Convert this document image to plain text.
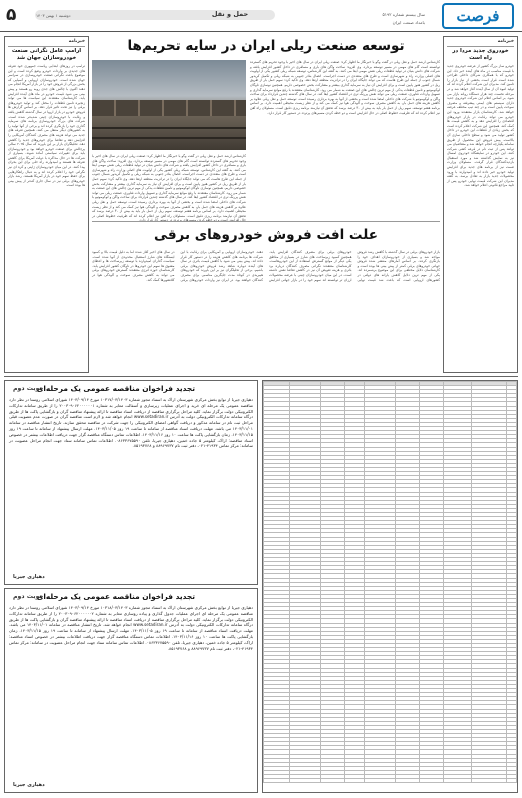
۵	حمل و نقل
دوشنبه ۱ بهمن ۱۴۰۳	سال بیستم شماره ۵۱۹۲
بامداد صنعت ایران	فرصت
خبرنامه
خودروی جدید مردا در راه است
خودرو ساز بزرگ کشور از عرضه خودروی جدید با قیمت مناسب در ماه های آینده خبر داد. این خودرو که با همکاری شرکای داخلی طراحی شده است قرار است بخشی از نیاز بازار را تامین کند. مدیران این شرکت اعلام کرده اند که تولید انبوه آن از سال آینده آغاز خواهد شد و در مرحله نخست چند هزار دستگاه روانه بازار می شود. بر اساس اعلام این شرکت خودروی جدید دارای سیستم های ایمنی پیشرفته و مصرف سوخت پایین است و در چند تیپ مختلف عرضه خواهد شد. کارشناسان بازار معتقدند ورود این خودرو می تواند رقابت در بازار خودروهای اقتصادی را افزایش دهد و به کاهش قیمت ها کمک کند. همچنین این شرکت اعلام کرده است که بخش زیادی از قطعات این خودرو در داخل کشور تولید می شود و سطح داخلی سازی آن بالاست. پیش فروش این محصول از طریق سامانه یکپارچه انجام خواهد شد و متقاضیان می توانند پس از ثبت نام در قرعه کشی شرکت کنند. این خودرو در نمایشگاه خودروی امسال نیز به نمایش گذاشته شد و مورد استقبال بازدیدکنندگان قرار گرفت. مسئولان وزارت صمت نیز از برنامه های جدید برای افزایش تولید خودرو خبر داده اند و امیدوارند با ورود محصولات جدید بازار به تعادل برسد. به گفته مدیران این شرکت قیمت نهایی خودرو پس از تایید مراجع قانونی اعلام خواهد شد.
خبرنامه
ارامپ عامل نگرانی صنعت خودروسازان جهان شد
ترامپ در روزهای ابتدایی ریاست جمهوری خود تعرفه های جدیدی بر واردات خودرو وضع کرده است و این موضوع باعث نگرانی صنعت خودروسازی در سراسر جهان شده است. خودروسازان اروپایی و آسیایی که بخش بزرگی از فروش خود را در بازار آمریکا انجام می دهند اکنون با چالش های جدی روبه رو هستند و پیش بینی می شود قیمت خودرو در ماه های آینده افزایش یابد. کارشناسان معتقدند این سیاست ها می تواند زنجیره تامین قطعات را مختل کند و تولید خودروهای برقی را نیز تحت تاثیر قرار دهد. بر اساس گزارش ها فروش خودرو در بازار اروپا در سال گذشته کاهش یافته و رقابت با خودروسازان چینی شدیدتر شده است. شرکت های بزرگ خودروسازی برنامه های سرمایه گذاری خود را بازنگری کرده اند و برخی از آنها تولید را به کشورهای دیگر منتقل می کنند. همچنین تعرفه های جدید می تواند هزینه های مصرف کنندگان آمریکایی را افزایش دهد و تقاضا برای خودروهای جدید را کاهش دهد. تحلیلگران بازار بر این باورند که سال ۲۰۲۵ سالی پرچالش برای صنعت خودرو خواهد بود و خودروسازان باید برای تغییرات سیاستی آماده شوند. بسیاری از شرکت ها در حال مذاکره با دولت آمریکا برای کاهش تعرفه ها هستند و امیدوارند راه حلی برای این بحران پیدا کنند. در این میان خودروسازان ژاپنی و کره ای نیز نگرانی خود را اعلام کرده اند و به دنبال راهکارهایی برای حفظ سهم خود در بازار آمریکا هستند. رشد بازار خودروهای برقی نیز در سال جاری کندتر از پیش بینی ها بوده است.
توسعه صنعت ریلی ایران در سایه تحریم‌ها
کارشناس ارشد حمل و نقل ریلی در گفت وگو با خبرنگار ما اظهار کرد: صنعت ریلی ایران در سال های اخیر با وجود تحریم های گسترده توانسته است گام های مهمی در مسیر توسعه بردارد. وی افزود: ساخت واگن های باری و مسافری در داخل کشور افزایش یافته و شرکت های دانش بنیان در تولید قطعات ریلی نقش مهمی ایفا می کنند. به گفته این کارشناس، توسعه شبکه ریلی کشور یکی از اولویت های اصلی وزارت راه و شهرسازی است و طرح های متعددی در دست اجراست. اتصال بنادر جنوبی به شبکه ریلی و تکمیل کریدور شمال جنوب از جمله این طرح هاست که می تواند جایگاه ایران را در ترانزیت منطقه ارتقا دهد. وی تاکید کرد: سهم حمل بار از طریق ریل در کشور هنوز پایین است و برای افزایش آن نیاز به سرمایه گذاری بیشتر و مشارکت بخش خصوصی داریم. همچنین نوسازی ناوگان لوکوموتیو و تامین قطعات یدکی از مهم ترین چالش های این صنعت به شمار می رود. کارشناسان معتقدند با رفع موانع سرمایه گذاری و تسهیل واردات فناوری، صنعت ریلی می تواند نقش پررنگ تری در اقتصاد کشور ایفا کند. در سال های گذشته چندین قرارداد برای ساخت واگن و لوکوموتیو با شرکت های داخلی امضا شده است و بخشی از آنها به بهره برداری رسیده است. توسعه حمل و نقل ریلی علاوه بر کاهش هزینه های حمل بار، به کاهش مصرف سوخت و آلودگی هوا نیز کمک می کند و از نظر زیست محیطی اهمیت دارد. بر اساس برنامه هفتم توسعه، سهم ریل از حمل بار باید به بیش از ۳۰ درصد برسد که تحقق آن نیازمند برنامه ریزی دقیق است. مسئولان راه آهن نیز اعلام کرده اند که ظرفیت خطوط اصلی در حال افزایش است و دو خطه کردن مسیرهای پرتردد در دستور کار قرار دارد.
کارشناس ارشد حمل و نقل ریلی در گفت وگو با خبرنگار ما اظهار کرد: صنعت ریلی ایران در سال های اخیر با وجود تحریم های گسترده توانسته است گام های مهمی در مسیر توسعه بردارد. وی افزود: ساخت واگن های باری و مسافری در داخل کشور افزایش یافته و شرکت های دانش بنیان در تولید قطعات ریلی نقش مهمی ایفا می کنند. به گفته این کارشناس، توسعه شبکه ریلی کشور یکی از اولویت های اصلی وزارت راه و شهرسازی است و طرح های متعددی در دست اجراست. اتصال بنادر جنوبی به شبکه ریلی و تکمیل کریدور شمال جنوب از جمله این طرح هاست که می تواند جایگاه ایران را در ترانزیت منطقه ارتقا دهد. وی تاکید کرد: سهم حمل بار از طریق ریل در کشور هنوز پایین است و برای افزایش آن نیاز به سرمایه گذاری بیشتر و مشارکت بخش خصوصی داریم. همچنین نوسازی ناوگان لوکوموتیو و تامین قطعات یدکی از مهم ترین چالش های این صنعت به شمار می رود. کارشناسان معتقدند با رفع موانع سرمایه گذاری و تسهیل واردات فناوری، صنعت ریلی می تواند نقش پررنگ تری در اقتصاد کشور ایفا کند. در سال های گذشته چندین قرارداد برای ساخت واگن و لوکوموتیو با شرکت های داخلی امضا شده است و بخشی از آنها به بهره برداری رسیده است. توسعه حمل و نقل ریلی علاوه بر کاهش هزینه های حمل بار، به کاهش مصرف سوخت و آلودگی هوا نیز کمک می کند و از نظر زیست محیطی اهمیت دارد. بر اساس برنامه هفتم توسعه، سهم ریل از حمل بار باید به بیش از ۳۰ درصد برسد که تحقق آن نیازمند برنامه ریزی دقیق است. مسئولان راه آهن نیز اعلام کرده اند که ظرفیت خطوط اصلی در
علت افت فروش خودروهای برقی
بازار خودروهای برقی در سال گذشته با کاهش رشد فروش مواجه شد و بسیاری از خودروسازان اهداف خود را بازنگری کردند. بر اساس آمارهای منتشر شده فروش جهانی خودروهای برقی کمتر از پیش بینی ها بوده است و کارشناسان دلایل مختلفی برای این موضوع برشمرده اند. یکی از مهم ترین دلایل کاهش یارانه های دولتی در کشورهای اروپایی است که باعث شد قیمت نهایی خودروهای برقی برای مصرف کنندگان افزایش یابد. همچنین کمبود زیرساخت های شارژ در بسیاری از مناطق یکی دیگر از موانع گسترش استفاده از این خودروهاست. کارشناسان معتقدند نگرانی مصرف کنندگان درباره برد باتری و هزینه تعویض آن نیز در کاهش تقاضا نقش داشته است. در این میان خودروسازان چینی با عرضه محصولات ارزان تر توانسته اند سهم خود را در بازار جهانی افزایش دهند. خودروسازان اروپایی و آمریکایی برای رقابت با این شرکت ها برنامه های کاهش هزینه را در دستور کار قرار داده اند. پیش بینی می شود با کاهش قیمت باتری در سال های آینده دوباره شاهد رشد فروش خودروهای برقی باشیم. برخی از تحلیلگران نیز بر این باورند که خودروهای هیبریدی در کوتاه مدت جایگزین مناسبی برای مصرف کنندگان خواهند بود. در ایران نیز واردات خودروهای برقی در سال های اخیر آغاز شده اما به دلیل قیمت بالا و کمبود ایستگاه های شارژ استقبال محدودی از آنها شده است. سیاست گذاران امیدوارند با توسعه زیرساخت ها و اعطای مشوق ها سهم این خودروها در ناوگان کشور افزایش یابد. کارشناسان حوزه انرژی معتقدند گسترش خودروهای برقی می تواند به کاهش مصرف سوخت و آلودگی هوا در کلانشهرها کمک کند.
تجدید فراخوان مناقصه عمومی یک مرحله‌ای
نوبت دوم
دهیاری جیربا از توابع بخش مرکزی شهرستان اراک به استناد مجوز شماره ۱۰۳۱۷/۰۳/۱۴۰۳ مورخ ۱۴۰۳/۰۹/۱۴ شورای اسلامی روستا در نظر دارد مناقصه عمومی یک مرحله ای خرید و اجرای عملیات زیرسازی و آسفالت معابر به شماره ۲۰۰۳۰۹۰۶۲۰۰۰۰۰۰۱ را از طریق سامانه تدارکات الکترونیکی دولت برگزار نماید. کلیه مراحل برگزاری مناقصه از دریافت اسناد مناقصه تا ارائه پیشنهاد مناقصه گران و بازگشایی پاکت ها از طریق درگاه سامانه تدارکات الکترونیکی دولت به آدرس www.setadiran.ir انجام خواهد شد و لازم است مناقصه گران در صورت عدم عضویت قبلی مراحل ثبت نام در سامانه مذکور و دریافت گواهی امضای الکترونیکی را جهت شرکت در مناقصه محقق سازند. تاریخ انتشار مناقصه در سامانه ۱۴۰۳/۱۱/۰۱ می باشد. مهلت دریافت اسناد مناقصه از سامانه تا ساعت ۱۹ روز ۱۴۰۳/۱۱/۰۵. مهلت ارسال پیشنهاد از سامانه تا ساعت ۱۹ روز ۱۴۰۳/۱۱/۱۵. زمان بازگشایی پاکت ها ساعت ۱۰ روز ۱۴۰۳/۱۱/۱۶. اطلاعات تماس دستگاه مناقصه گزار جهت دریافت اطلاعات بیشتر در خصوص اسناد مناقصه: اراک، کیلومتر ۵ جاده خمین، دهیاری جیربا، تلفن ۰۸۶۳۳۶۷۵۵۹۰. اطلاعات تماس سامانه ستاد جهت انجام مراحل عضویت در سامانه: مرکز تماس ۴۱۹۳۴-۰۲۱، دفتر ثبت نام ۸۸۹۶۹۷۳۷ و ۸۵۱۹۳۷۶۸.
دهیاری جیربا
تجدید فراخوان مناقصه عمومی یک مرحله‌ای
نوبت دوم
دهیاری جیربا از توابع بخش مرکزی شهرستان اراک به استناد مجوز شماره ۱۰۳۱۸/۰۳/۱۴۰۳ مورخ ۱۴۰۳/۰۹/۱۴ شورای اسلامی روستا در نظر دارد مناقصه عمومی یک مرحله ای اجرای عملیات جدول گذاری و پیاده روسازی معابر به شماره ۲۰۰۳۰۹۰۶۲۰۰۰۰۰۰۲ را از طریق سامانه تدارکات الکترونیکی دولت برگزار نماید. کلیه مراحل برگزاری مناقصه از دریافت اسناد مناقصه تا ارائه پیشنهاد مناقصه گران و بازگشایی پاکت ها از طریق درگاه سامانه تدارکات الکترونیکی دولت به آدرس www.setadiran.ir انجام خواهد شد. تاریخ انتشار مناقصه در سامانه ۱۴۰۳/۱۱/۰۱ می باشد. مهلت دریافت اسناد مناقصه از سامانه تا ساعت ۱۹ روز ۱۴۰۳/۱۱/۰۵. مهلت ارسال پیشنهاد از سامانه تا ساعت ۱۹ روز ۱۴۰۳/۱۱/۱۵. زمان بازگشایی پاکت ها ساعت ۱۰ روز ۱۴۰۳/۱۱/۱۶. اطلاعات تماس دستگاه مناقصه گزار جهت دریافت اطلاعات بیشتر در خصوص اسناد مناقصه: اراک، کیلومتر ۵ جاده خمین، دهیاری جیربا، تلفن ۰۸۶۳۳۶۷۵۵۹۰. اطلاعات تماس سامانه ستاد جهت انجام مراحل عضویت در سامانه: مرکز تماس ۴۱۹۳۴-۰۲۱، دفتر ثبت نام ۸۸۹۶۹۷۳۷ و ۸۵۱۹۳۷۶۸.
دهیاری جیربا
